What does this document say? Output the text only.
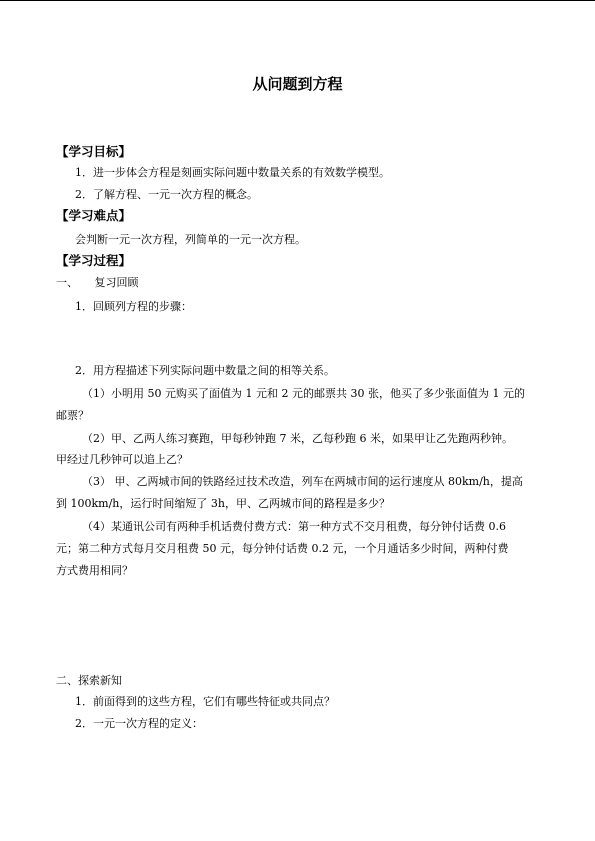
从问题到方程
【学习目标】
1．进一步体会方程是刻画实际问题中数量关系的有效数学模型。
2．了解方程、一元一次方程的概念。
【学习难点】
会判断一元一次方程，列简单的一元一次方程。
【学习过程】
一、　　复习回顾
1．回顾列方程的步骤：
2．用方程描述下列实际问题中数量之间的相等关系。
（1）小明用 50 元购买了面值为 1 元和 2 元的邮票共 30 张，他买了多少张面值为 1 元的
邮票？
（2）甲、乙两人练习赛跑，甲每秒钟跑 7 米，乙每秒跑 6 米，如果甲让乙先跑两秒钟。
甲经过几秒钟可以追上乙？
（3） 甲、乙两城市间的铁路经过技术改造，列车在两城市间的运行速度从 80km/h，提高
到 100km/h，运行时间缩短了 3h，甲、乙两城市间的路程是多少？
（4）某通讯公司有两种手机话费付费方式：第一种方式不交月租费，每分钟付话费 0.6
元；第二种方式每月交月租费 50 元，每分钟付话费 0.2 元，一个月通话多少时间，两种付费
方式费用相同？
二、探索新知
1．前面得到的这些方程，它们有哪些特征或共同点？
2．一元一次方程的定义：
